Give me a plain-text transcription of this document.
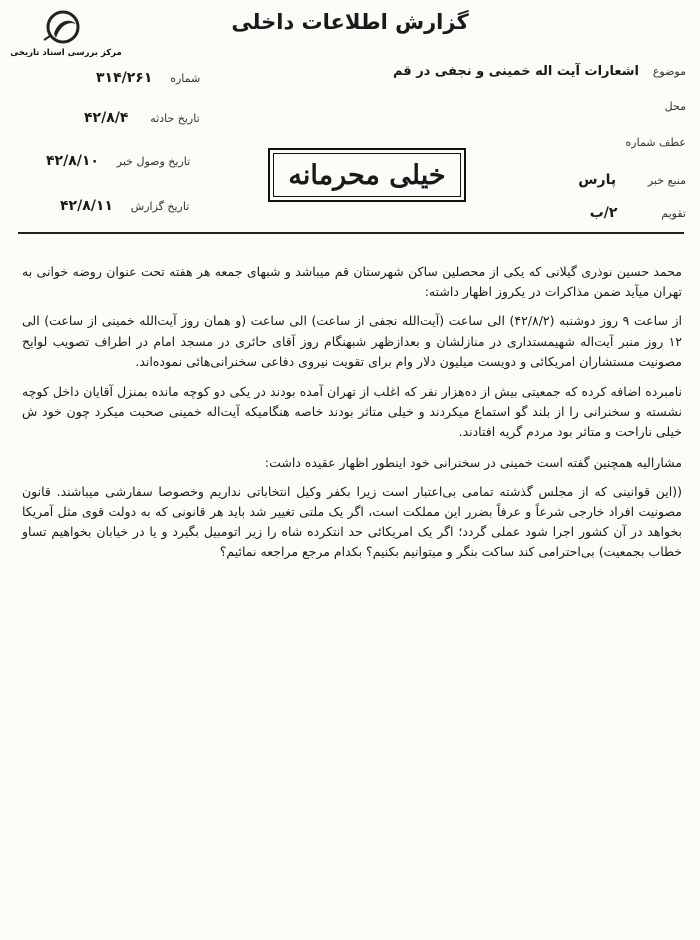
مرکز بررسی اسناد تاریخی
گزارش اطلاعات داخلی
موضوع اشعارات آیت اله خمینی و نجفی در قم
محل
عطف شماره
منبع خبر پارس
تقویم ۲/ب
شماره ۳۱۴/۲۶۱
تاریخ حادثه ۴۲/۸/۴
تاریخ وصول خبر ۴۲/۸/۱۰
تاریخ گزارش ۴۲/۸/۱۱
خیلی محرمانه

محمد حسین نوذری گیلانی که یکی از محصلین ساکن شهرستان قم میباشد و شبهای جمعه هر هفته تحت عنوان روضه خوانی به تهران میآید ضمن مذاکرات در یکروز اظهار داشته:

از ساعت ۹ روز دوشنبه (۴۲/۸/۲) الی ساعت (آیت‌الله نجفی از ساعت) الی ساعت (و همان روز آیت‌الله خمینی از ساعت) الی ۱۲ روز منبر آیت‌اله شهیمستداری در منازلشان و بعدازظهر شبهنگام روز آقای حائری در مسجد امام در اطراف تصویب لوایح مصونیت مستشاران امریکائی و دویست میلیون دلار وام برای تقویت نیروی دفاعی سخنرانی‌هائی نموده‌اند.

نامبرده اضافه کرده که جمعیتی بیش از ده‌هزار نفر که اغلب از تهران آمده بودند در یکی دو کوچه مانده بمنزل آقایان داخل کوچه نشسته و سخنرانی را از بلند گو استماع میکردند و خیلی متاثر بودند خاصه هنگامیکه آیت‌اله خمینی صحبت میکرد چون خود ش خیلی ناراحت و متاثر بود مردم گریه افتادند.

مشارالیه همچنین گفته است خمینی در سخنرانی خود اینطور اظهار عقیده داشت:

((این قوانینی که از مجلس گذشته تمامی بی‌اعتبار است زیرا بکفر وکیل انتخاباتی نداریم وخصوصا سفارشی میباشند. قانون مصونیت افراد خارجی شرعاً و عرفاً بضرر این مملکت است، اگر یک ملتی تغییر شد باید هر قانونی که به دولت قوی مثل آمریکا بخواهد در آن کشور اجرا شود عملی گردد؛ اگر یک امریکائی حد انتکرده شاه را زیر اتومبیل بگیرد و یا در خیابان بخواهیم تساو خطاب بجمعیت) بی‌احترامی کند ساکت بنگر و میتوانیم بکنیم؟ بکدام مرجع مراجعه نمائیم؟
